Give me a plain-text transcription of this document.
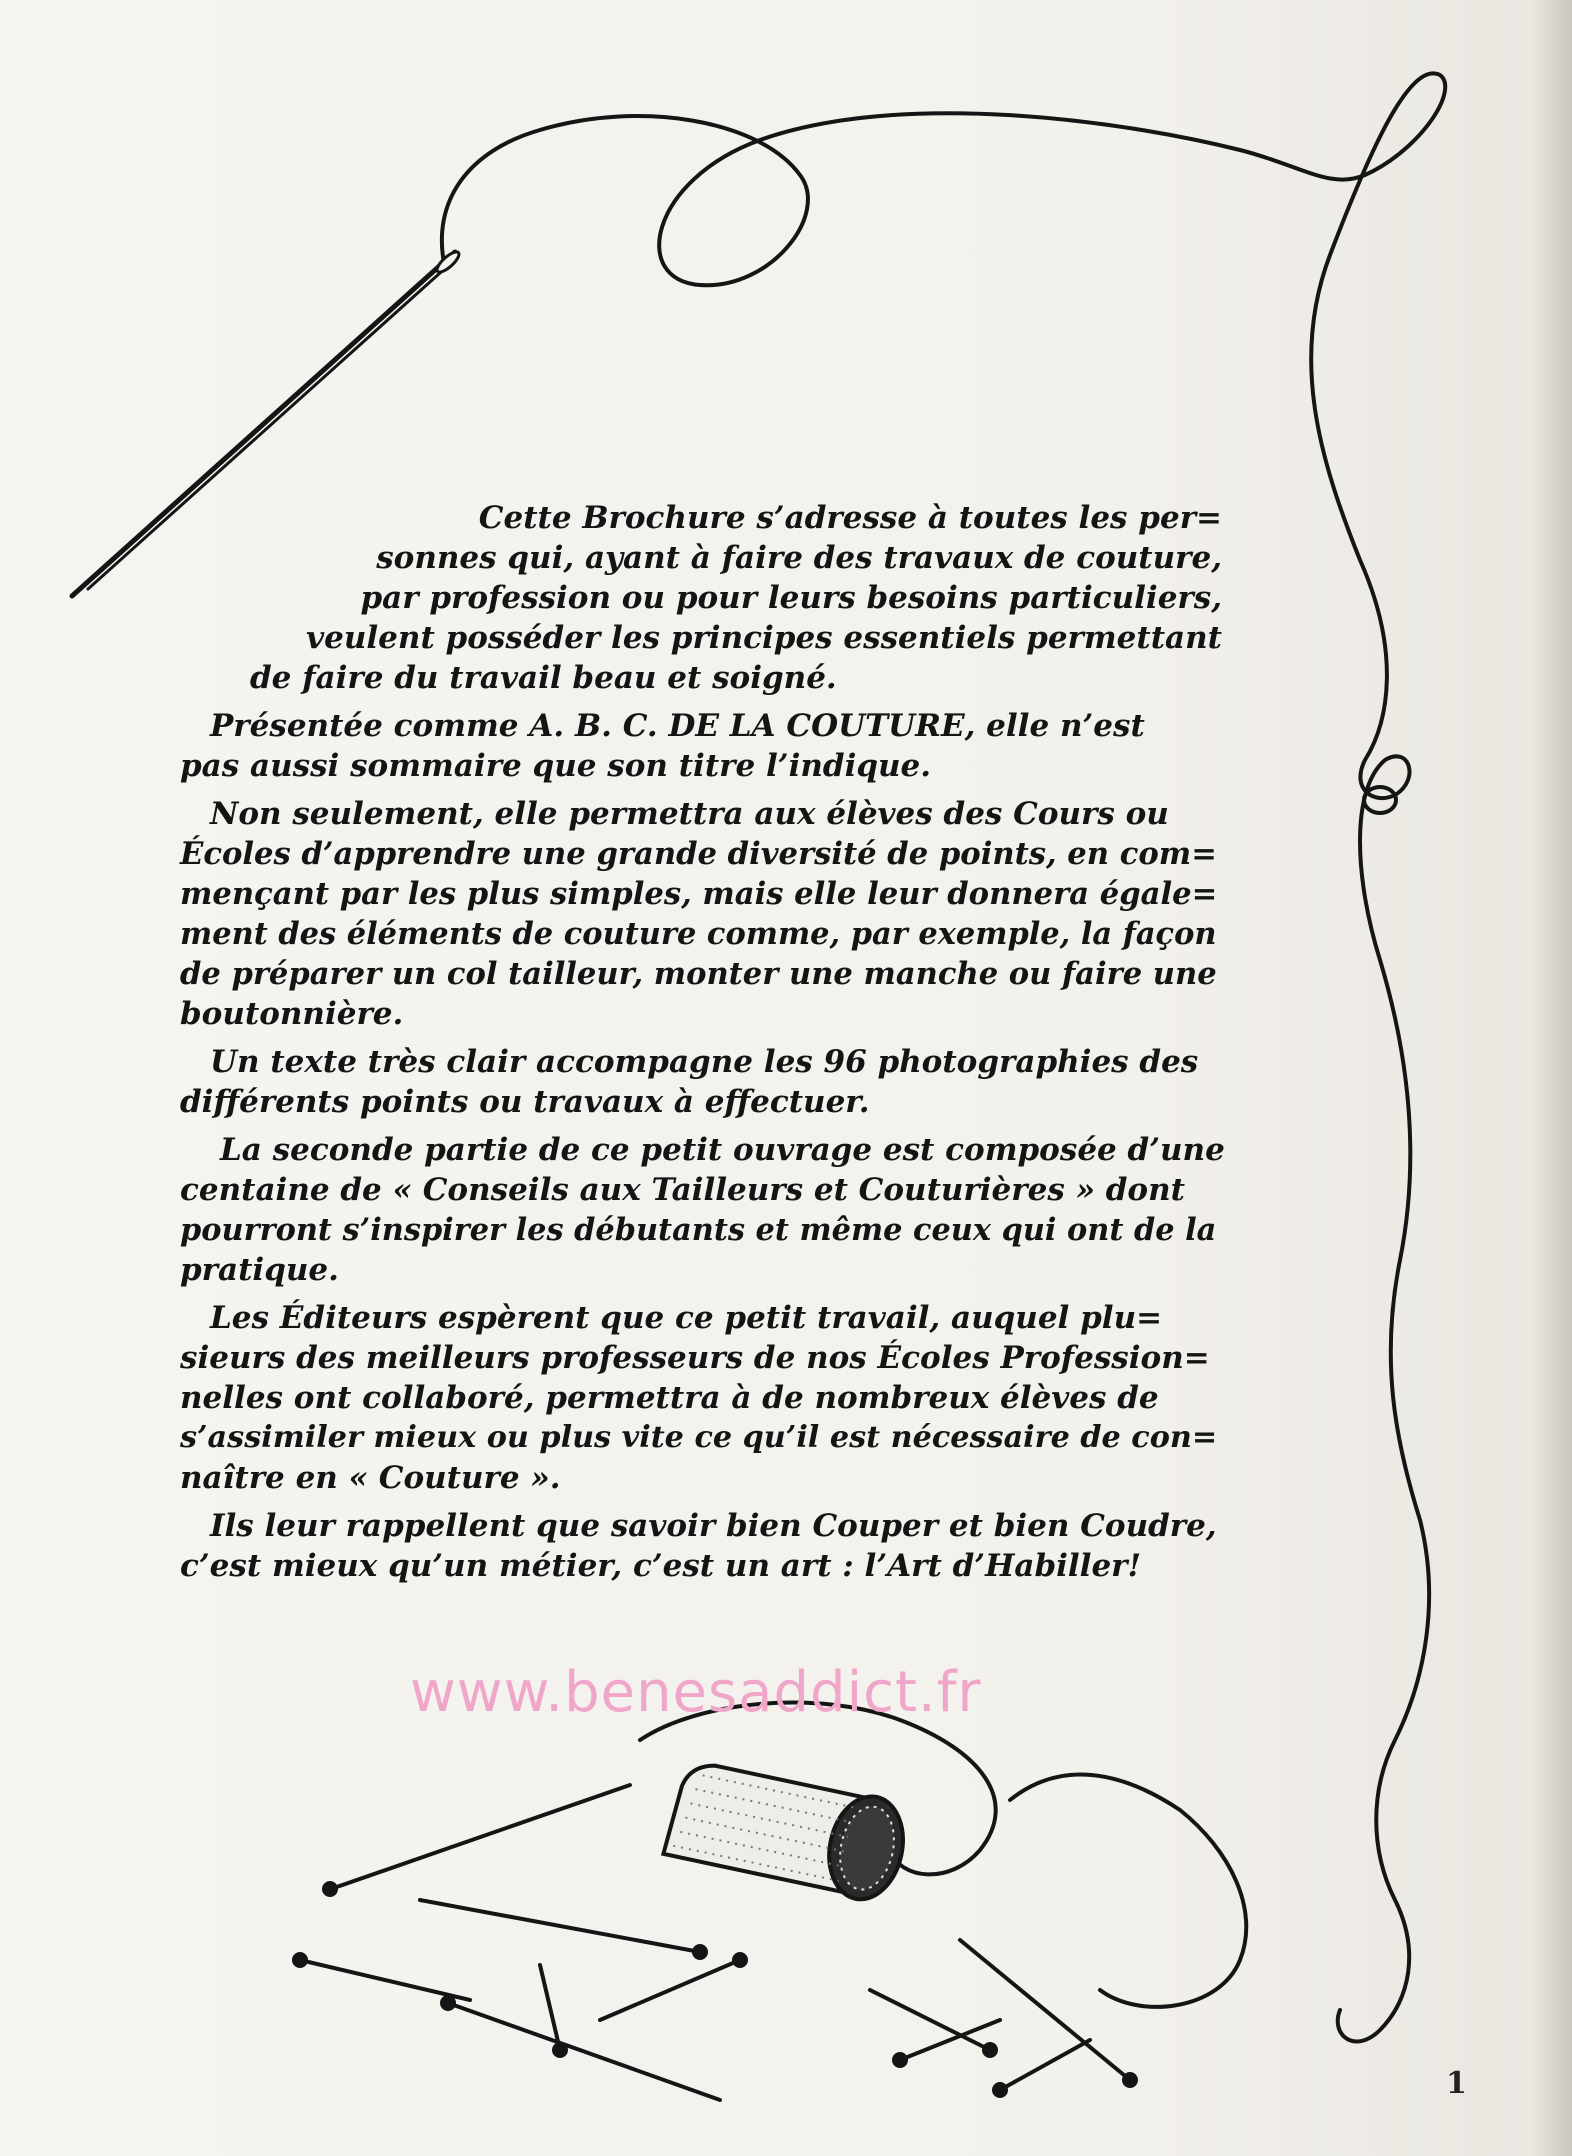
Cette Brochure s’adresse à toutes les per=
sonnes qui, ayant à faire des travaux de couture,
par profession ou pour leurs besoins particuliers,
veulent posséder les principes essentiels permettant
de faire du travail beau et soigné.
Présentée comme A. B. C. DE LA COUTURE, elle n’est
pas aussi sommaire que son titre l’indique.
Non seulement, elle permettra aux élèves des Cours ou
Écoles d’apprendre une grande diversité de points, en com=
mençant par les plus simples, mais elle leur donnera égale=
ment des éléments de couture comme, par exemple, la façon
de préparer un col tailleur, monter une manche ou faire une
boutonnière.
Un texte très clair accompagne les 96 photographies des
différents points ou travaux à effectuer.
La seconde partie de ce petit ouvrage est composée d’une
centaine de « Conseils aux Tailleurs et Couturières » dont
pourront s’inspirer les débutants et même ceux qui ont de la
pratique.
Les Éditeurs espèrent que ce petit travail, auquel plu=
sieurs des meilleurs professeurs de nos Écoles Profession=
nelles ont collaboré, permettra à de nombreux élèves de
s’assimiler mieux ou plus vite ce qu’il est nécessaire de con=
naître en « Couture ».
Ils leur rappellent que savoir bien Couper et bien Coudre,
c’est mieux qu’un métier, c’est un art : l’Art d’Habiller!
www.benesaddict.fr
1
